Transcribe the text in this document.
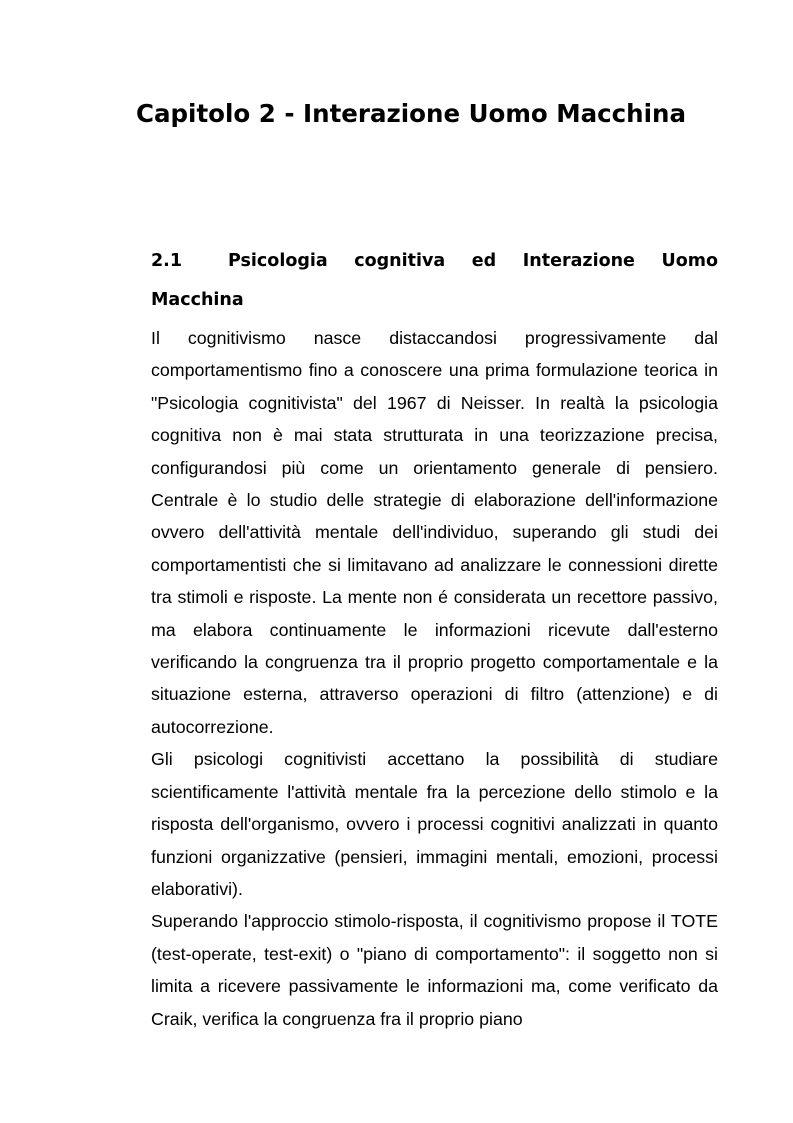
Capitolo 2 - Interazione Uomo Macchina
2.1	Psicologia cognitiva ed Interazione Uomo Macchina

Il cognitivismo nasce distaccandosi progressivamente dal comportamentismo fino a conoscere una prima formulazione teorica in "Psicologia cognitivista" del 1967 di Neisser. In realtà la psicologia cognitiva non è mai stata strutturata in una teorizzazione precisa, configurandosi più come un orientamento generale di pensiero. Centrale è lo studio delle strategie di elaborazione dell'informazione ovvero dell'attività mentale dell'individuo, superando gli studi dei comportamentisti che si limitavano ad analizzare le connessioni dirette tra stimoli e risposte. La mente non é considerata un recettore passivo, ma elabora continuamente le informazioni ricevute dall'esterno verificando la congruenza tra il proprio progetto comportamentale e la situazione esterna, attraverso operazioni di filtro (attenzione) e di autocorrezione.

Gli psicologi cognitivisti accettano la possibilità di studiare scientificamente l'attività mentale fra la percezione dello stimolo e la risposta dell'organismo, ovvero i processi cognitivi analizzati in quanto funzioni organizzative (pensieri, immagini mentali, emozioni, processi elaborativi).

Superando l'approccio stimolo-risposta, il cognitivismo propose il TOTE (test-operate, test-exit) o "piano di comportamento": il soggetto non si limita a ricevere passivamente le informazioni ma, come verificato da Craik, verifica la congruenza fra il proprio piano
